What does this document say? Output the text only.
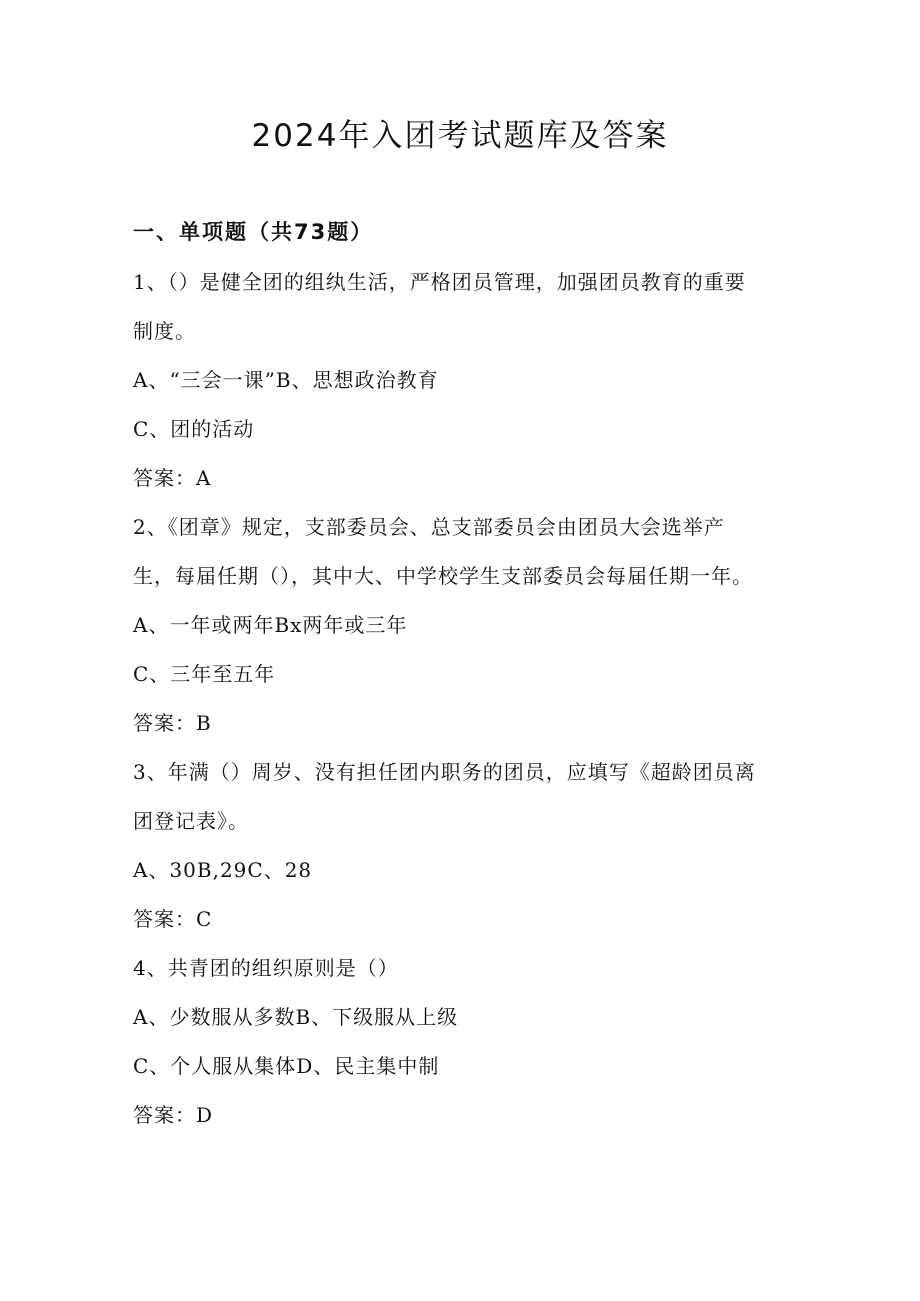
2024年入团考试题库及答案
一、单项题（共73题）
1、（）是健全团的组纨生活，严格团员管理，加强团员教育的重要
制度。
A、“三会一课”B、思想政治教育
C、团的活动
答案：A
2、《团章》规定，支部委员会、总支部委员会由团员大会选举产
生，每届任期（），其中大、中学校学生支部委员会每届任期一年。
A、一年或两年Bx两年或三年
C、三年至五年
答案：B
3、年满（）周岁、没有担任团内职务的团员，应填写《超龄团员离
团登记表》。
A、30B,29C、28
答案：C
4、共青团的组织原则是（）
A、少数服从多数B、下级服从上级
C、个人服从集体D、民主集中制
答案：D
